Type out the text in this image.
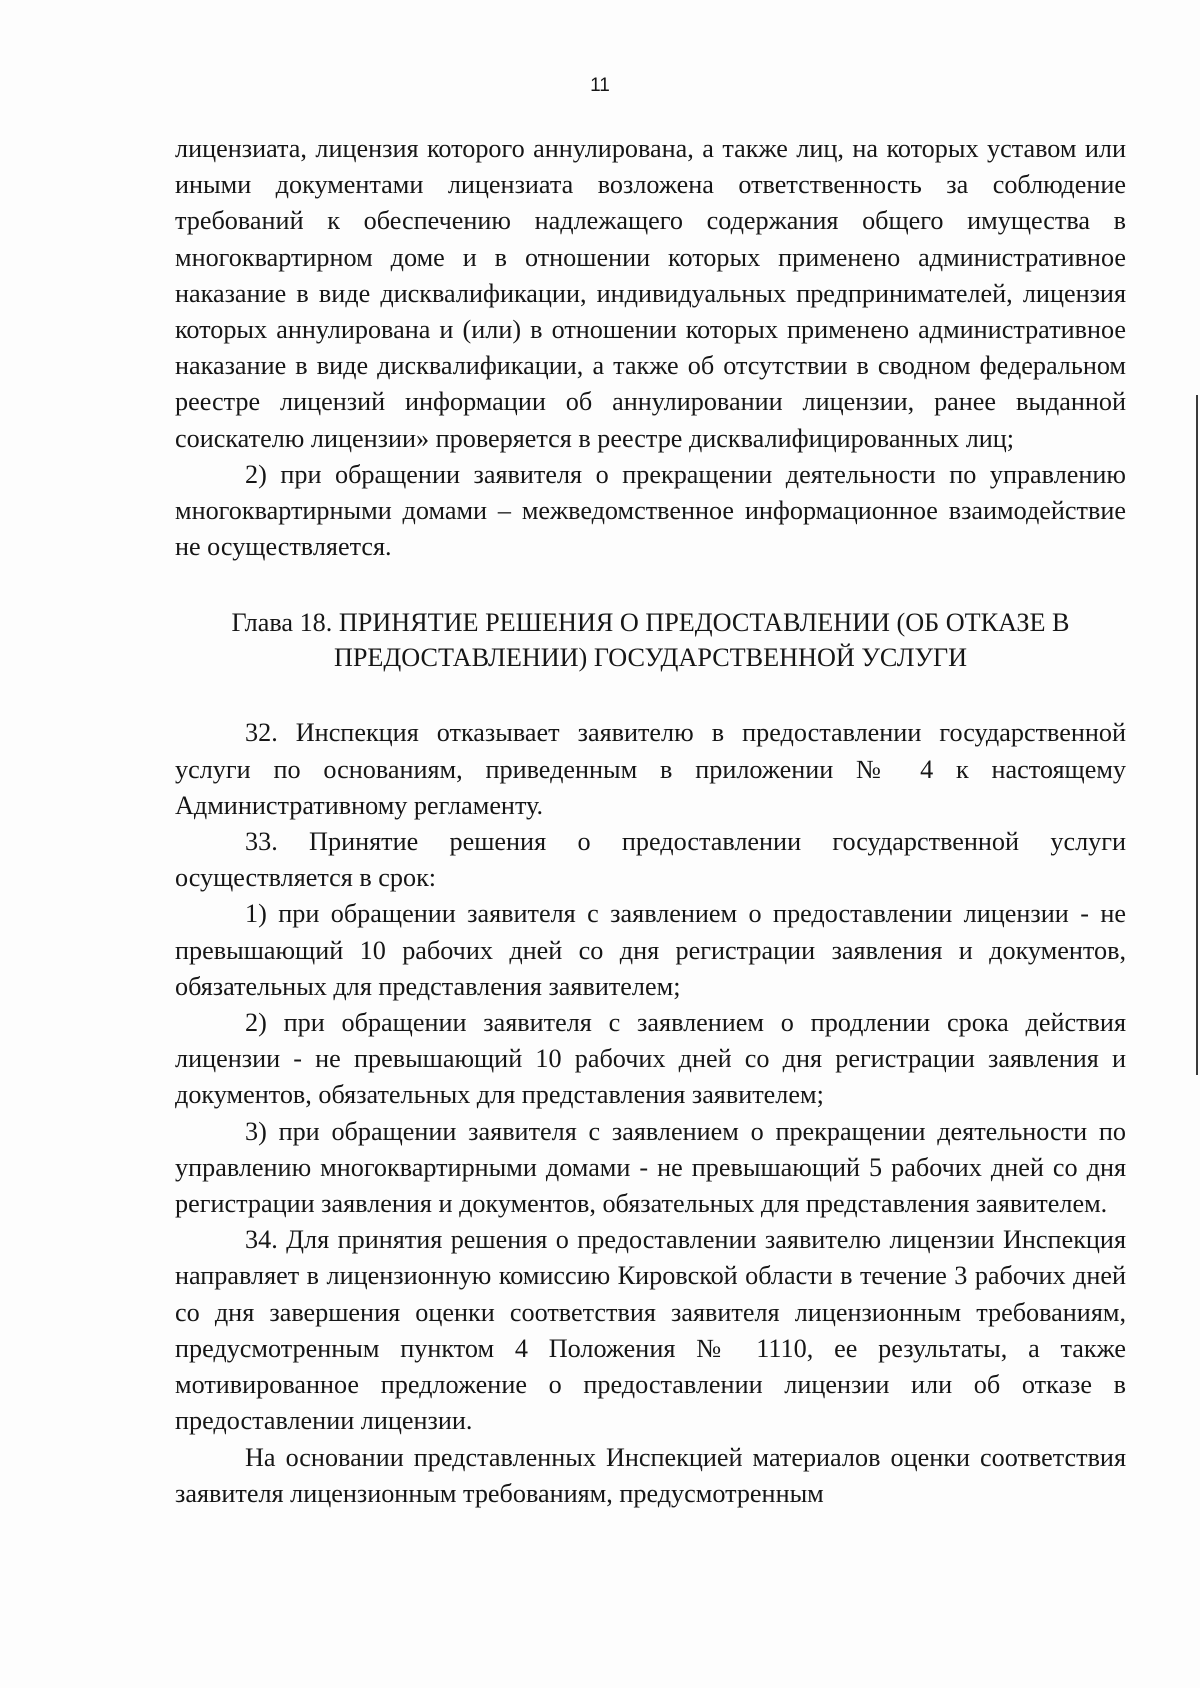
11

лицензиата, лицензия которого аннулирована, а также лиц, на которых уставом или иными документами лицензиата возложена ответственность за соблюдение требований к обеспечению надлежащего содержания общего имущества в многоквартирном доме и в отношении которых применено административное наказание в виде дисквалификации, индивидуальных предпринимателей, лицензия которых аннулирована и (или) в отношении которых применено административное наказание в виде дисквалификации, а также об отсутствии в сводном федеральном реестре лицензий информации об аннулировании лицензии, ранее выданной соискателю лицензии» проверяется в реестре дисквалифицированных лиц;

2) при обращении заявителя о прекращении деятельности по управлению многоквартирными домами – межведомственное информационное взаимодействие не осуществляется.

Глава 18. ПРИНЯТИЕ РЕШЕНИЯ О ПРЕДОСТАВЛЕНИИ (ОБ ОТКАЗЕ В ПРЕДОСТАВЛЕНИИ) ГОСУДАРСТВЕННОЙ УСЛУГИ

32. Инспекция отказывает заявителю в предоставлении государственной услуги по основаниям, приведенным в приложении № 4 к настоящему Административному регламенту.

33. Принятие решения о предоставлении государственной услуги осуществляется в срок:

1) при обращении заявителя с заявлением о предоставлении лицензии - не превышающий 10 рабочих дней со дня регистрации заявления и документов, обязательных для представления заявителем;

2) при обращении заявителя с заявлением о продлении срока действия лицензии - не превышающий 10 рабочих дней со дня регистрации заявления и документов, обязательных для представления заявителем;

3) при обращении заявителя с заявлением о прекращении деятельности по управлению многоквартирными домами - не превышающий 5 рабочих дней со дня регистрации заявления и документов, обязательных для представления заявителем.

34. Для принятия решения о предоставлении заявителю лицензии Инспекция направляет в лицензионную комиссию Кировской области в течение 3 рабочих дней со дня завершения оценки соответствия заявителя лицензионным требованиям, предусмотренным пунктом 4 Положения № 1110, ее результаты, а также мотивированное предложение о предоставлении лицензии или об отказе в предоставлении лицензии.

На основании представленных Инспекцией материалов оценки соответствия заявителя лицензионным требованиям, предусмотренным
